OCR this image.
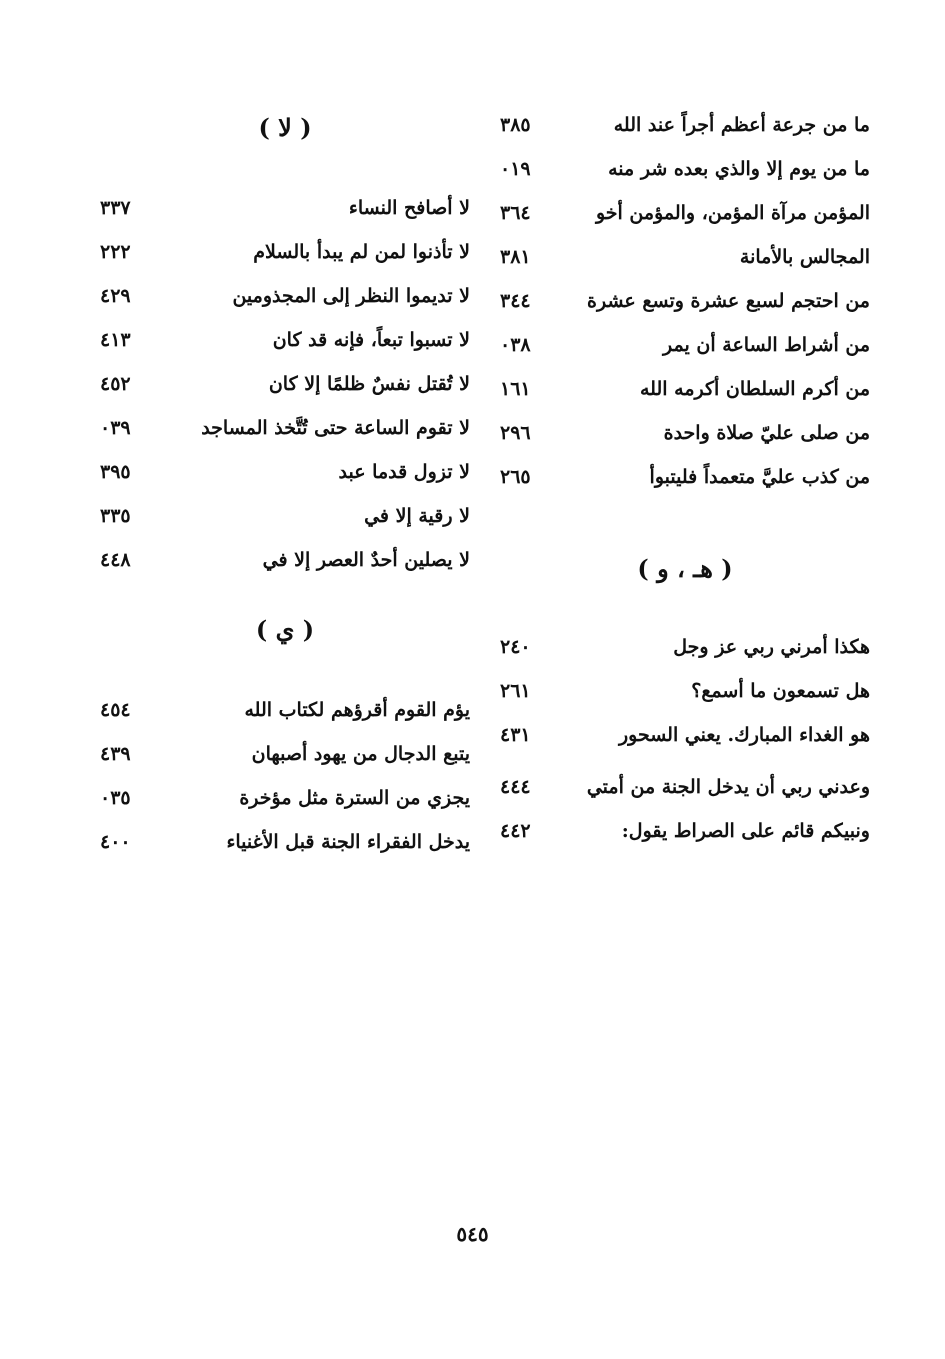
ما من جرعة أعظم أجراً عند الله
٣٨٥
ما من يوم إلا والذي بعده شر منه
٠١٩
المؤمن مرآة المؤمن، والمؤمن أخو
٣٦٤
المجالس بالأمانة
٣٨١
من احتجم لسبع عشرة وتسع عشرة
٣٤٤
من أشراط الساعة أن يمر
٠٣٨
من أكرم السلطان أكرمه الله
١٦١
من صلى عليّ صلاة واحدة
٢٩٦
من كذب عليَّ متعمداً فليتبوأ
٢٦٥
( هـ ، و )
هكذا أمرني ربي عز وجل
٢٤٠
هل تسمعون ما أسمع؟
٢٦١
هو الغداء المبارك. يعني السحور
٤٣١
وعدني ربي أن يدخل الجنة من أمتي
٤٤٤
ونبيكم قائم على الصراط يقول:
٤٤٢
( لا )
لا أصافح النساء
٣٣٧
لا تأذنوا لمن لم يبدأ بالسلام
٢٢٢
لا تديموا النظر إلى المجذومين
٤٢٩
لا تسبوا تبعاً، فإنه قد كان
٤١٣
لا تُقتل نفسٌ ظلمًا إلا كان
٤٥٢
لا تقوم الساعة حتى تُتَّخذ المساجد
٠٣٩
لا تزول قدما عبد
٣٩٥
لا رقية إلا في
٣٣٥
لا يصلين أحدٌ العصر إلا في
٤٤٨
( ي )
يؤم القوم أقرؤهم لكتاب الله
٤٥٤
يتبع الدجال من يهود أصبهان
٤٣٩
يجزي من السترة مثل مؤخرة
٠٣٥
يدخل الفقراء الجنة قبل الأغنياء
٤٠٠
٥٤٥
